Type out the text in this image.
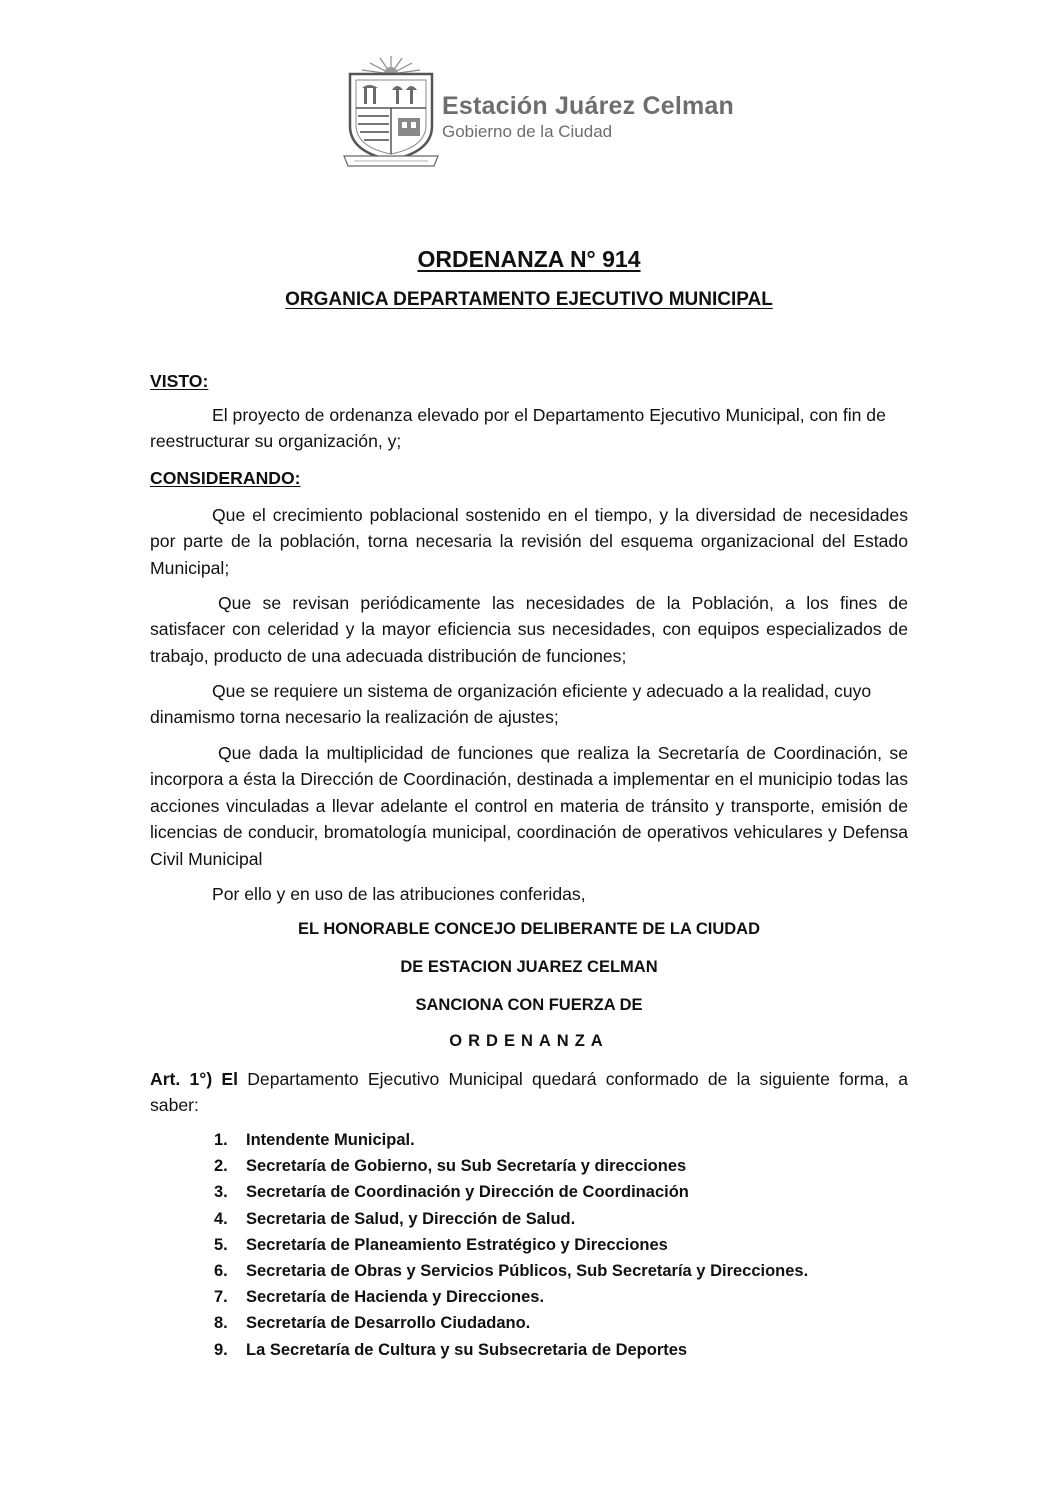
Estación Juárez Celman
Gobierno de la Ciudad
ORDENANZA N° 914
ORGANICA DEPARTAMENTO EJECUTIVO MUNICIPAL
VISTO:
El proyecto de ordenanza elevado por el Departamento Ejecutivo Municipal, con fin de reestructurar su organización, y;
CONSIDERANDO:
Que el crecimiento poblacional sostenido en el tiempo, y la diversidad de necesidades por parte de la población, torna necesaria la revisión del esquema organizacional del Estado Municipal;
Que se revisan periódicamente las necesidades de la Población, a los fines de satisfacer con celeridad y la mayor eficiencia sus necesidades, con equipos especializados de trabajo, producto de una adecuada distribución de funciones;
Que se requiere un sistema de organización eficiente y adecuado a la realidad, cuyo dinamismo torna necesario la realización de ajustes;
Que dada la multiplicidad de funciones que realiza la Secretaría de Coordinación, se incorpora a ésta la Dirección de Coordinación, destinada a implementar en el municipio todas las acciones vinculadas a llevar adelante el control en materia de tránsito y transporte, emisión de licencias de conducir, bromatología municipal, coordinación de operativos vehiculares y Defensa Civil Municipal
Por ello y en uso de las atribuciones conferidas,
EL HONORABLE CONCEJO DELIBERANTE DE LA CIUDAD
DE ESTACION JUAREZ CELMAN
SANCIONA CON FUERZA DE
ORDENANZA
Art. 1°) El Departamento Ejecutivo Municipal quedará conformado de la siguiente forma, a saber:
1. Intendente Municipal.
2. Secretaría de Gobierno, su Sub Secretaría y direcciones
3. Secretaría de Coordinación y Dirección de Coordinación
4. Secretaria de Salud, y Dirección de Salud.
5. Secretaría de Planeamiento Estratégico y Direcciones
6. Secretaria de Obras y Servicios Públicos, Sub Secretaría y Direcciones.
7. Secretaría de Hacienda y Direcciones.
8. Secretaría de Desarrollo Ciudadano.
9. La Secretaría de Cultura y su Subsecretaria de Deportes
